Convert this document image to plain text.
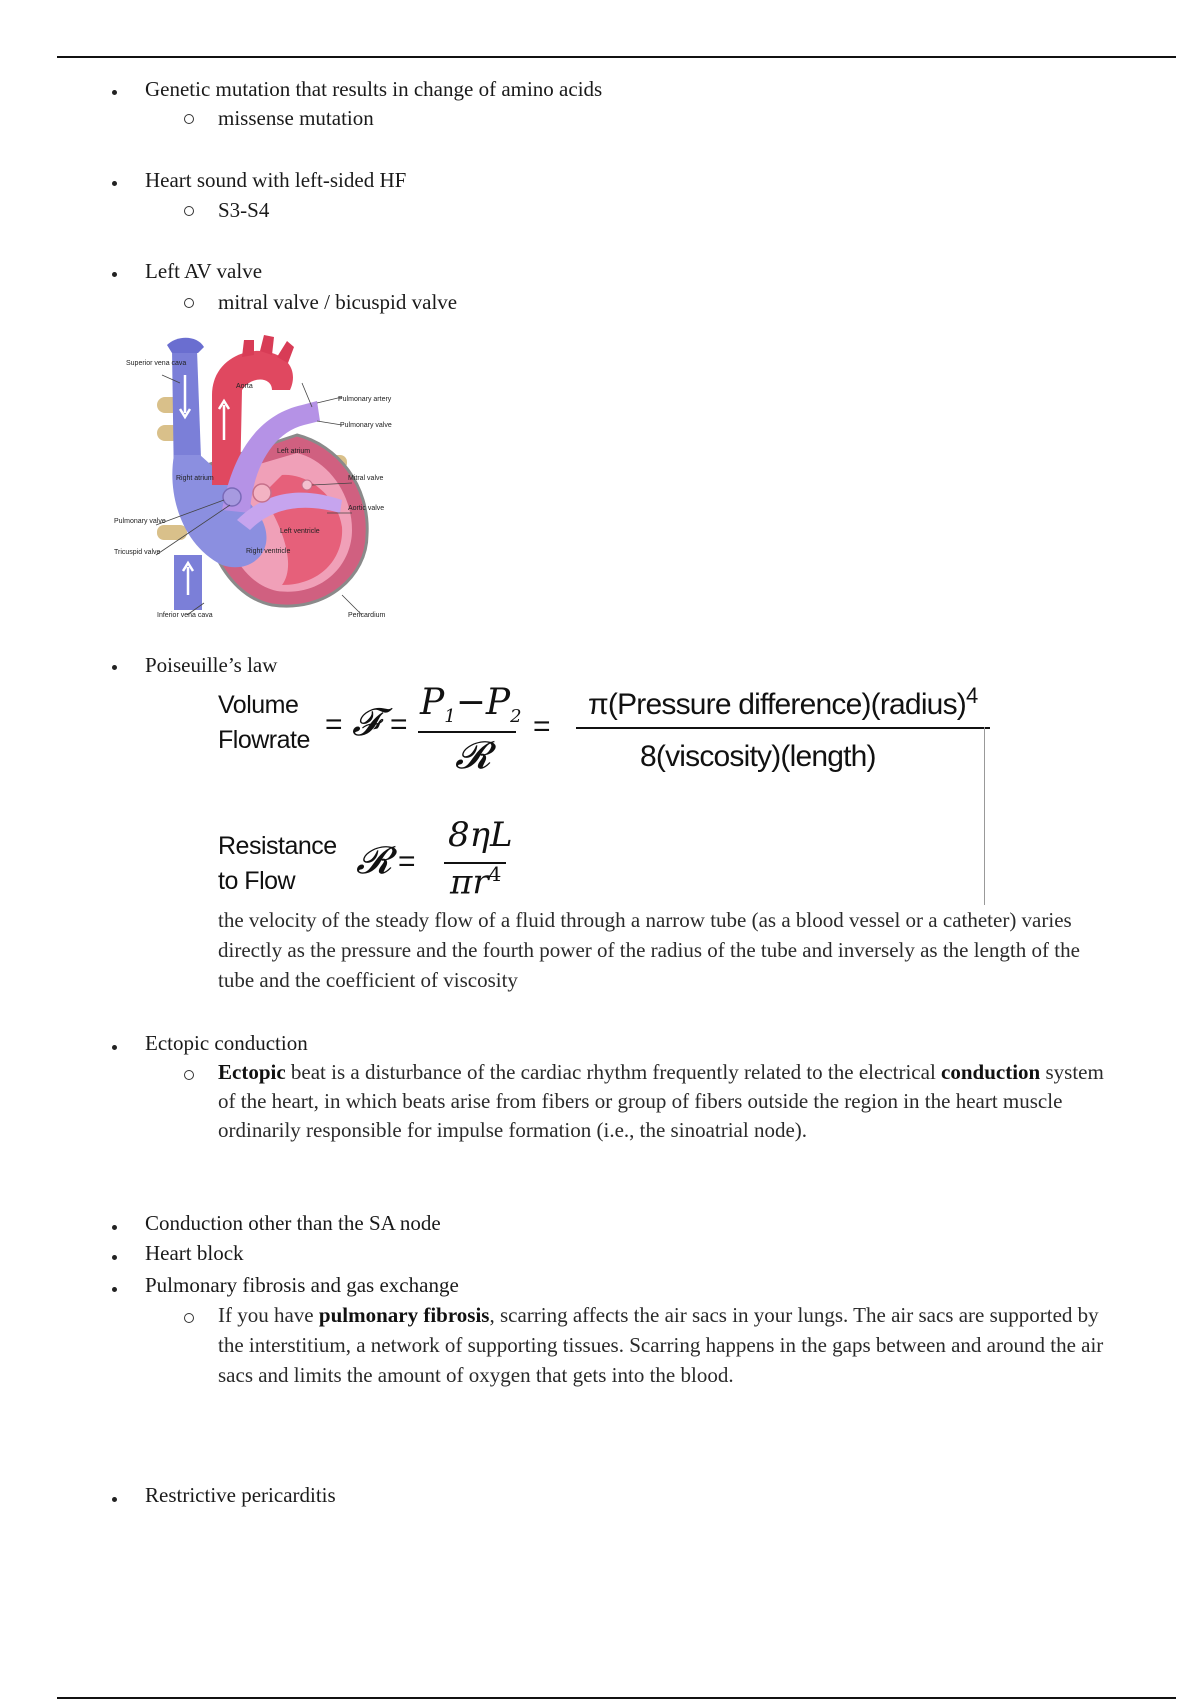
Genetic mutation that results in change of amino acids
missense mutation
Heart sound with left-sided HF
S3-S4
Left AV valve
mitral valve / bicuspid valve
Superior vena cava
Aorta
Pulmonary artery
Pulmonary valve
Left atrium
Right atrium	Mitral valve
Aortic valve
Pulmonary valve
Left ventricle
Tricuspid valve	Right ventricle
Inferior vena cava	Pericardium
Poiseuille’s law
Volume
Flowrate = 𝓕 =
$P_1-P_2$
𝓡
=
π(Pressure difference)(radius)$^4$
8(viscosity)(length)
Resistance
to Flow 𝓡 =
8ηL
$\pi r^4$
the velocity of the steady flow of a fluid through a narrow tube (as a blood vessel or a catheter) varies directly as the pressure and the fourth power of the radius of the tube and inversely as the length of the tube and the coefficient of viscosity
Ectopic conduction
Ectopic beat is a disturbance of the cardiac rhythm frequently related to the electrical conduction system of the heart, in which beats arise from fibers or group of fibers outside the region in the heart muscle ordinarily responsible for impulse formation (i.e., the sinoatrial node).
Conduction other than the SA node
Heart block
Pulmonary fibrosis and gas exchange
If you have pulmonary fibrosis, scarring affects the air sacs in your lungs. The air sacs are supported by the interstitium, a network of supporting tissues. Scarring happens in the gaps between and around the air sacs and limits the amount of oxygen that gets into the blood.
Restrictive pericarditis
